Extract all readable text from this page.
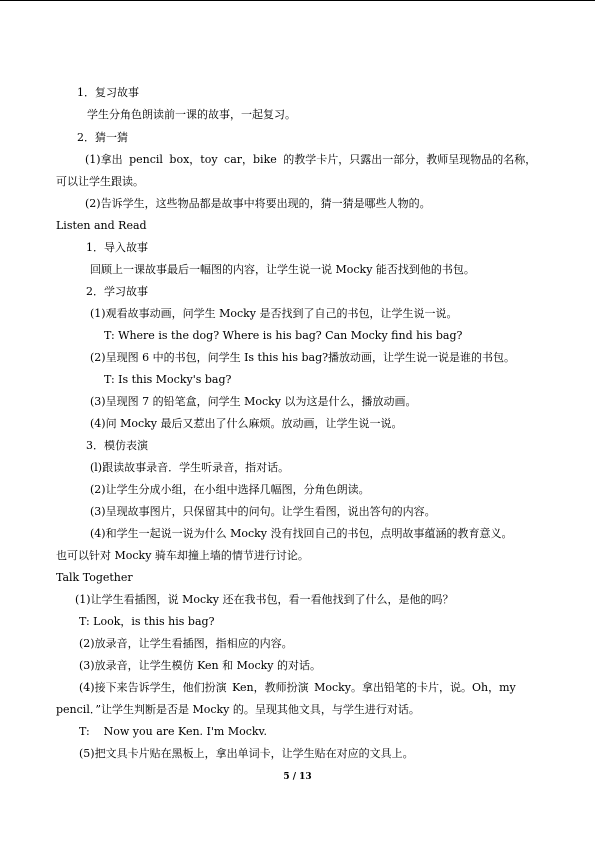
1．复习故事
学生分角色朗读前一课的故事，一起复习。
2．猜一猜
(1)拿出 pencil box，toy car，bike 的教学卡片，只露出一部分，教师呈现物品的名称，
可以让学生跟读。
(2)告诉学生，这些物品都是故事中将要出现的，猜一猜是哪些人物的。
Listen and Read
1．导入故事
回顾上一课故事最后一幅图的内容，让学生说一说 Mocky 能否找到他的书包。
2．学习故事
(1)观看故事动画，问学生 Mocky 是否找到了自己的书包，让学生说一说。
T: Where is the dog? Where is his bag? Can Mocky find his bag?
(2)呈现图 6 中的书包，问学生 Is this his bag?播放动画，让学生说一说是谁的书包。
T: Is this Mocky's bag?
(3)呈现图 7 的铅笔盒，问学生 Mocky 以为这是什么，播放动画。
(4)问 Mocky 最后又惹出了什么麻烦。放动画，让学生说一说。
3．模仿表演
(l)跟读故事录音．学生听录音，指对话。
(2)让学生分成小组，在小组中选择几幅图，分角色朗读。
(3)呈现故事图片，只保留其中的问句。让学生看图，说出答句的内容。
(4)和学生一起说一说为什么 Mocky 没有找回自己的书包，点明故事蕴涵的教育意义。
也可以针对 Mocky 骑车却撞上墙的情节进行讨论。
Talk Together
(1)让学生看插图，说 Mocky 还在我书包，看一看他找到了什么，是他的吗？
T: Look，is this his bag?
(2)放录音，让学生看插图，指相应的内容。
(3)放录音，让学生模仿 Ken 和 Mocky 的对话。
(4)接下来告诉学生，他们扮演 Ken，教师扮演 Mocky。拿出铅笔的卡片，说。Oh，my
pencil．”让学生判断是否是 Mocky 的。呈现其他文具，与学生进行对话。
T:    Now you are Ken. I'm Mockv.
(5)把文具卡片贴在黑板上，拿出单词卡，让学生贴在对应的文具上。
5 / 13
